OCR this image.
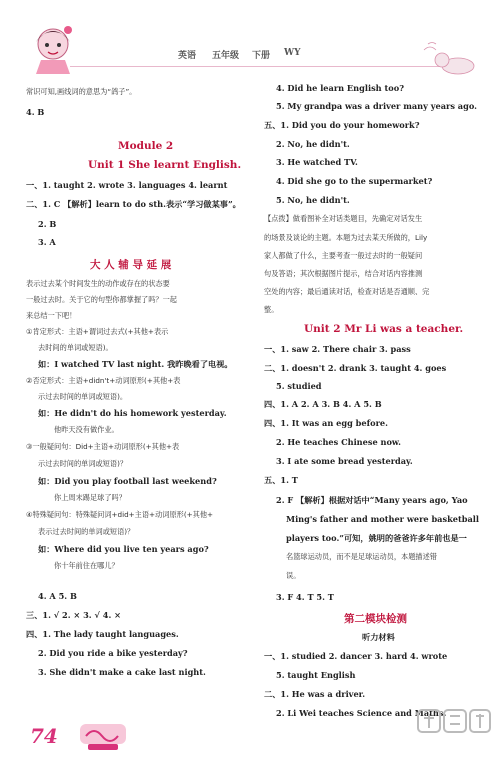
英语 五年级 下册 WY
常识可知,画线词的意思为“鸽子”。
4. B
Module 2
Unit 1 She learnt English.
一、1. taught 2. wrote 3. languages 4. learnt
二、1. C 【解析】learn to do sth.表示“学习做某事”。
2. B
3. A
大 人 辅 导 延 展
表示过去某个时间发生的动作或存在的状态要
一般过去时。关于它的句型你都掌握了吗？一起
来总结一下吧！
①肯定形式：主语+谓词过去式(+其他+表示
去时间的单词或短语)。
如：I watched TV last night. 我昨晚看了电视。
②否定形式：主语+didn't+动词原形(+其他+表
示过去时间的单词或短语)。
如：He didn't do his homework yesterday.
他昨天没有做作业。
③一般疑问句：Did+主语+动词原形(+其他+表
示过去时间的单词或短语)？
如：Did you play football last weekend?
你上周末踢足球了吗？
④特殊疑问句：特殊疑问词+did+主语+动词原形(+其他+
表示过去时间的单词或短语)？
如：Where did you live ten years ago?
你十年前住在哪儿？
4. A 5. B
三、1. √ 2. × 3. √ 4. ×
四、1. The lady taught languages.
2. Did you ride a bike yesterday?
3. She didn't make a cake last night.
4. Did he learn English too?
5. My grandpa was a driver many years ago.
五、1. Did you do your homework?
2. No, he didn't.
3. He watched TV.
4. Did she go to the supermarket?
5. No, he didn't.
【点拨】做看图补全对话类题目，先确定对话发生
的场景及谈论的主题。本题为过去某天所做的，Lily
家人都做了什么，主要考查一般过去时的一般疑问
句及答语；其次根据图片提示，结合对话内容推测
空处的内容；最后通读对话，检查对话是否通顺、完
整。
Unit 2 Mr Li was a teacher.
一、1. saw 2. There chair 3. pass
二、1. doesn't 2. drank 3. taught 4. goes
5. studied
四、1. A 2. A 3. B 4. A 5. B
四、1. It was an egg before.
2. He teaches Chinese now.
3. I ate some bread yesterday.
五、1. T
2. F 【解析】根据对话中“Many years ago, Yao
Ming's father and mother were basketball
players too.”可知，姚明的爸爸许多年前也是一
名篮球运动员，而不是足球运动员，本题描述错
误。
3. F 4. T 5. T
第二模块检测
听力材料
一、1. studied 2. dancer 3. hard 4. wrote
5. taught English
二、1. He was a driver.
2. Li Wei teaches Science and Maths.
74
